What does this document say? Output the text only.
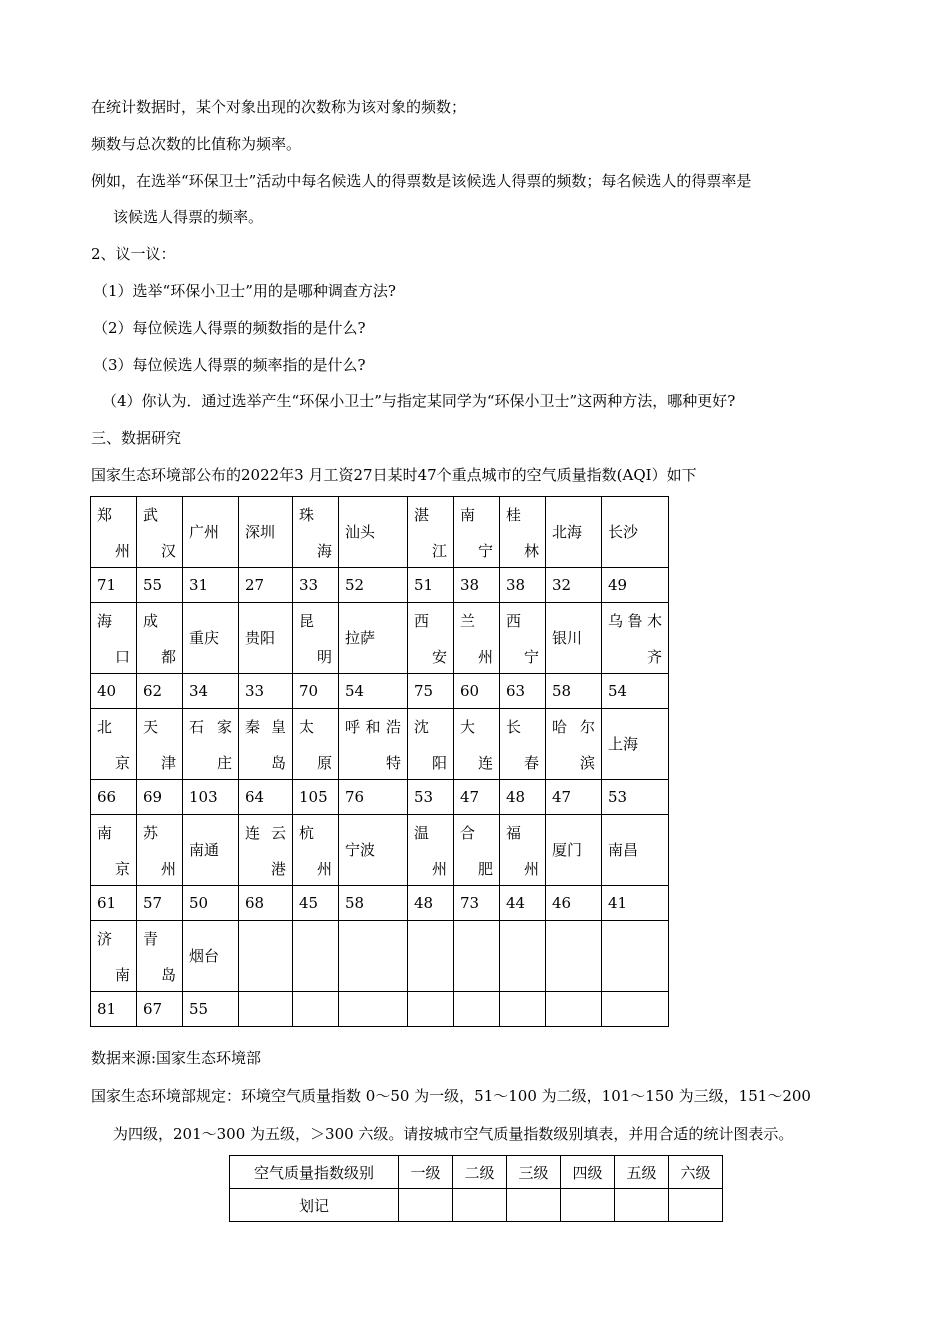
在统计数据时，某个对象出现的次数称为该对象的频数；
频数与总次数的比值称为频率。
例如，在选举“环保卫士”活动中每名候选人的得票数是该候选人得票的频数；每名候选人的得票率是
该候选人得票的频率。
2、议一议：
（1）选举“环保小卫士”用的是哪种调查方法?
（2）每位候选人得票的频数指的是什么?
（3）每位候选人得票的频率指的是什么?
（4）你认为．通过选举产生“环保小卫士”与指定某同学为“环保小卫士”这两种方法，哪种更好?
三、数据研究
国家生态环境部公布的2022年3 月工资27日某时47个重点城市的空气质量指数(AQI）如下
郑
州	武
汉	广州	深圳	珠
海	汕头	湛
江	南
宁	桂
林	北海	长沙
71	55	31	27	33	52	51	38	38	32	49

海
口	成
都	重庆	贵阳	昆
明	拉萨	西
安	兰
州	西
宁	银川	乌鲁木
齐

40	62	34	33	70	54	75	60	63	58	54

北
京	天
津	石家
庄	秦皇
岛	太
原	呼和浩
特	沈
阳	大
连	长
春	哈尔
滨	上海
66	69	103	64	105	76	53	47	48	47	53

南
京	苏
州	南通	连云
港	杭
州	宁波	温
州	合
肥	福
州	厦门	南昌
61	57	50	68	45	58	48	73	44	46	41

济
南	青
岛	烟台								
81	67	55								
数据来源:国家生态环境部
国家生态环境部规定：环境空气质量指数 0～50 为一级，51～100 为二级，101～150 为三级，151～200
为四级，201～300 为五级，＞300 六级。请按城市空气质量指数级别填表，并用合适的统计图表示。
空气质量指数级别	一级	二级	三级	四级	五级	六级
划记						
